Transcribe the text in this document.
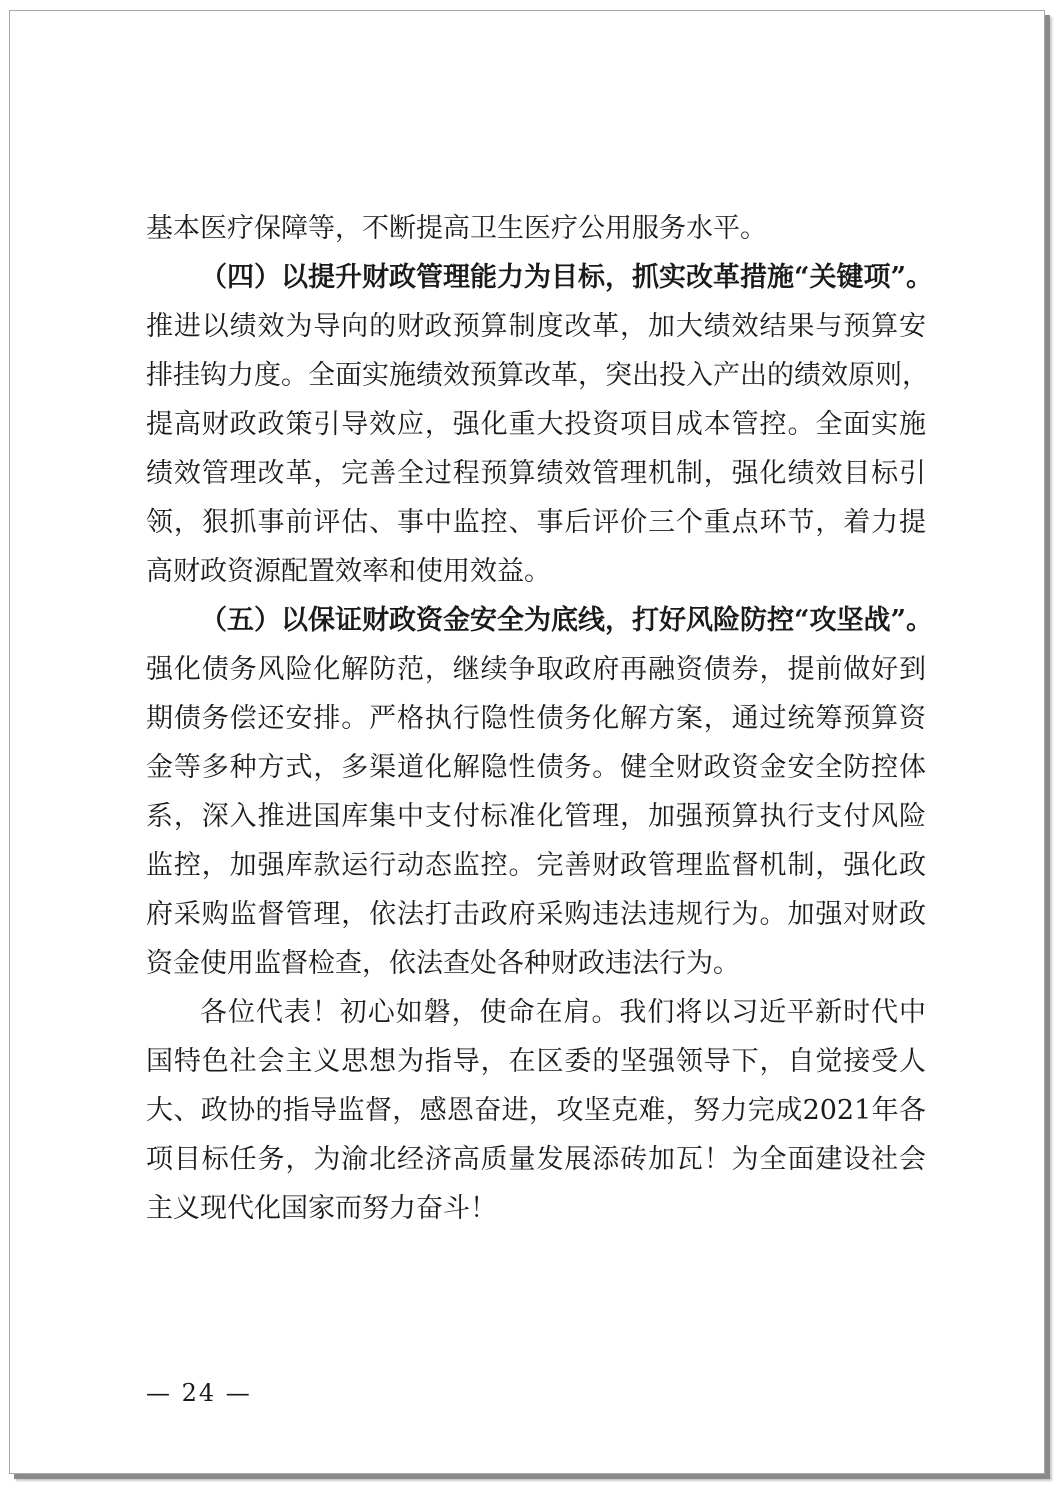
基本医疗保障等，不断提高卫生医疗公用服务水平。
（四）以提升财政管理能力为目标，抓实改革措施“关键项”。
推进以绩效为导向的财政预算制度改革，加大绩效结果与预算安
排挂钩力度。全面实施绩效预算改革，突出投入产出的绩效原则，
提高财政政策引导效应，强化重大投资项目成本管控。全面实施
绩效管理改革，完善全过程预算绩效管理机制，强化绩效目标引
领，狠抓事前评估、事中监控、事后评价三个重点环节，着力提
高财政资源配置效率和使用效益。
（五）以保证财政资金安全为底线，打好风险防控“攻坚战”。
强化债务风险化解防范，继续争取政府再融资债券，提前做好到
期债务偿还安排。严格执行隐性债务化解方案，通过统筹预算资
金等多种方式，多渠道化解隐性债务。健全财政资金安全防控体
系，深入推进国库集中支付标准化管理，加强预算执行支付风险
监控，加强库款运行动态监控。完善财政管理监督机制，强化政
府采购监督管理，依法打击政府采购违法违规行为。加强对财政
资金使用监督检查，依法查处各种财政违法行为。
各位代表！初心如磐，使命在肩。我们将以习近平新时代中
国特色社会主义思想为指导，在区委的坚强领导下，自觉接受人
大、政协的指导监督，感恩奋进，攻坚克难，努力完成2021年各
项目标任务，为渝北经济高质量发展添砖加瓦！为全面建设社会
主义现代化国家而努力奋斗！
— 24 —
